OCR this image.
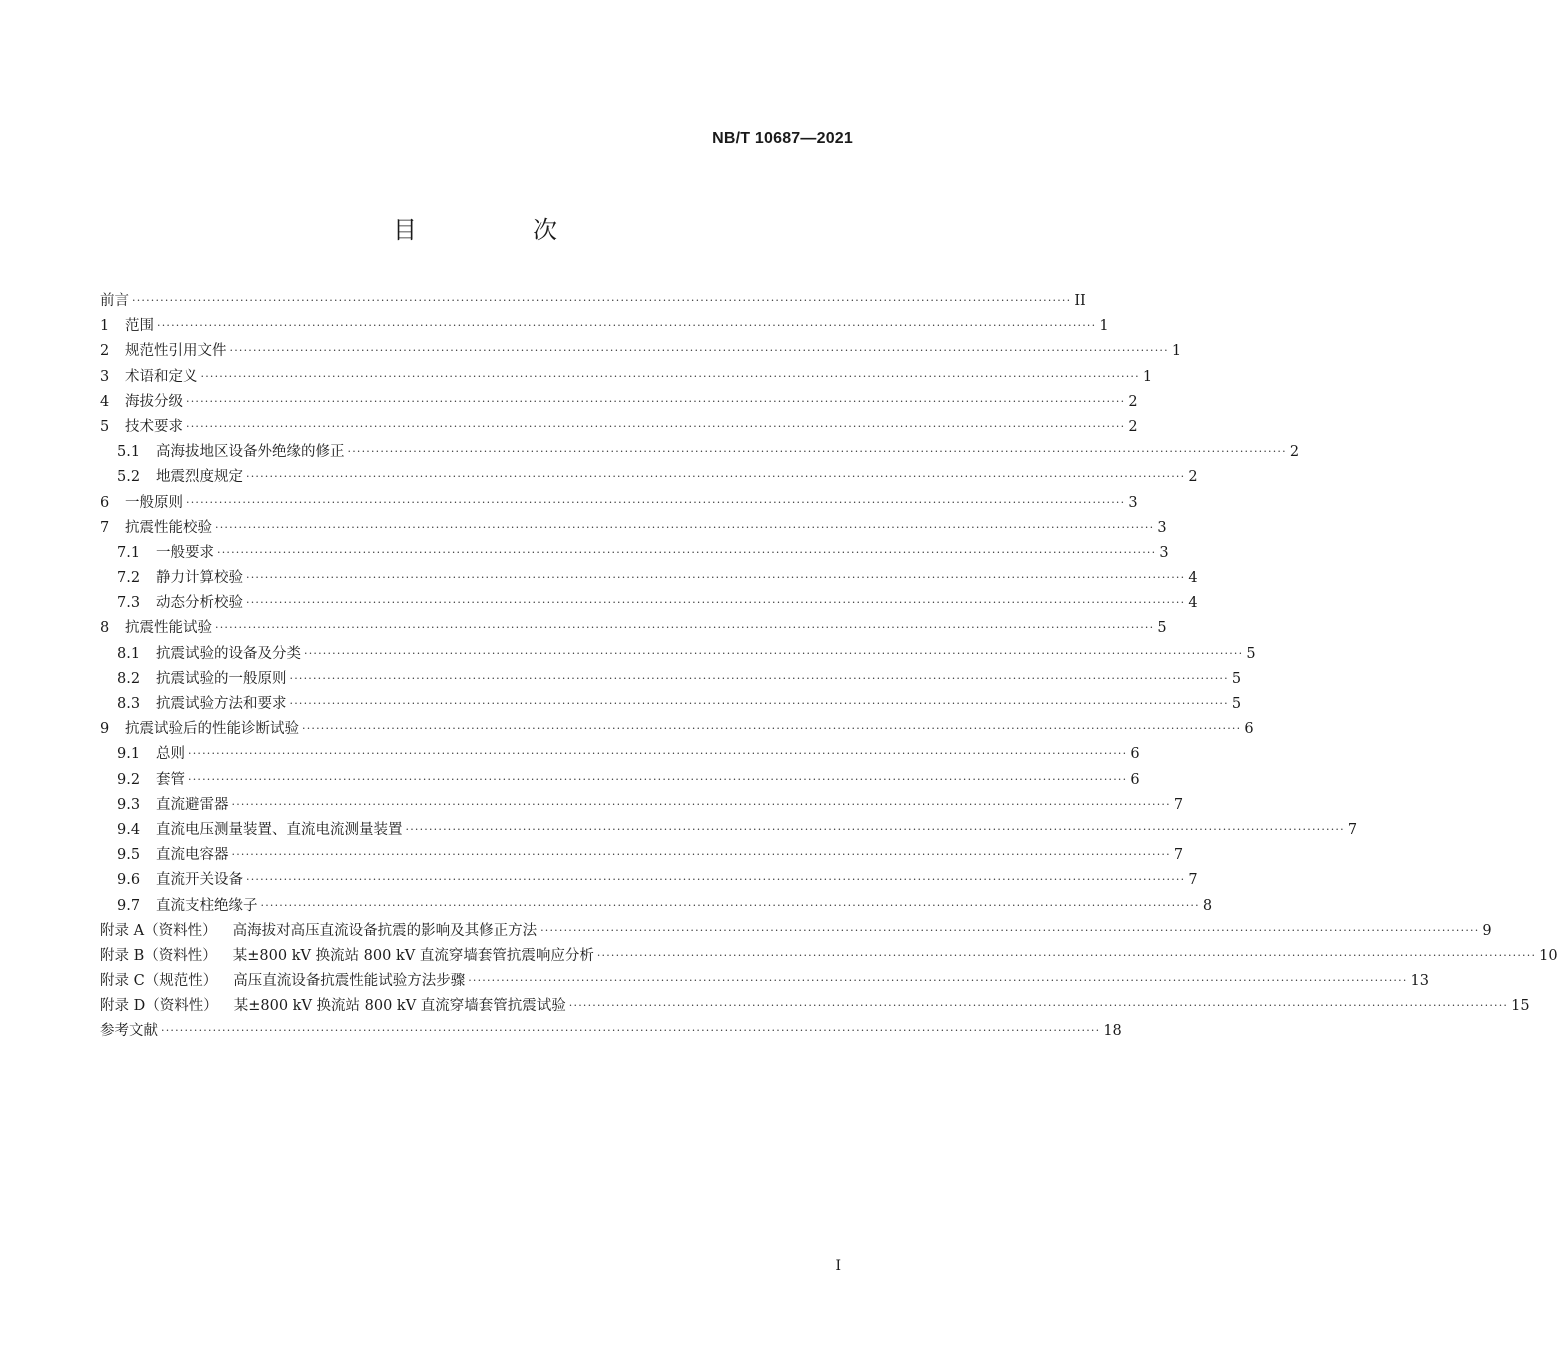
NB/T 10687—2021
目　次
前言 ········································································································································································································ II
1	范围 ········································································································································································································ 1
2	规范性引用文件 ········································································································································································································ 1
3	术语和定义 ········································································································································································································ 1
4	海拔分级 ········································································································································································································ 2
5	技术要求 ········································································································································································································ 2
5.1	高海拔地区设备外绝缘的修正 ········································································································································································································ 2
5.2	地震烈度规定 ········································································································································································································ 2
6	一般原则 ········································································································································································································ 3
7	抗震性能校验 ········································································································································································································ 3
7.1	一般要求 ········································································································································································································ 3
7.2	静力计算校验 ········································································································································································································ 4
7.3	动态分析校验 ········································································································································································································ 4
8	抗震性能试验 ········································································································································································································ 5
8.1	抗震试验的设备及分类 ········································································································································································································ 5
8.2	抗震试验的一般原则 ········································································································································································································ 5
8.3	抗震试验方法和要求 ········································································································································································································ 5
9	抗震试验后的性能诊断试验 ········································································································································································································ 6
9.1	总则 ········································································································································································································ 6
9.2	套管 ········································································································································································································ 6
9.3	直流避雷器 ········································································································································································································ 7
9.4	直流电压测量装置、直流电流测量装置 ········································································································································································································ 7
9.5	直流电容器 ········································································································································································································ 7
9.6	直流开关设备 ········································································································································································································ 7
9.7	直流支柱绝缘子 ········································································································································································································ 8
附录 A（资料性） 高海拔对高压直流设备抗震的影响及其修正方法 ········································································································································································································ 9
附录 B（资料性） 某±800 kV 换流站 800 kV 直流穿墙套管抗震响应分析 ········································································································································································································ 10
附录 C（规范性） 高压直流设备抗震性能试验方法步骤 ········································································································································································································ 13
附录 D（资料性） 某±800 kV 换流站 800 kV 直流穿墙套管抗震试验 ········································································································································································································ 15
参考文献 ········································································································································································································ 18
I
